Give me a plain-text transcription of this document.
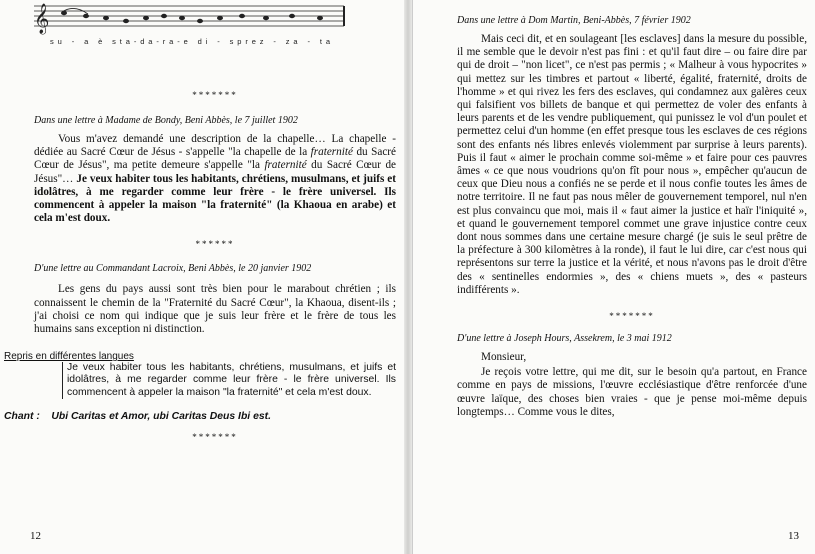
𝄞
su - a è sta-da-ra-e di - sprez - za - ta

*******

Dans une lettre à Madame de Bondy, Beni Abbès, le 7 juillet 1902

Vous m'avez demandé une description de la chapelle… La chapelle - dédiée au Sacré Cœur de Jésus - s'appelle "la chapelle de la fraternité du Sacré Cœur de Jésus", ma petite demeure s'appelle "la fraternité du Sacré Cœur de Jésus"… Je veux habiter tous les habitants, chrétiens, musulmans, et juifs et idolâtres, à me regarder comme leur frère - le frère universel. Ils commencent à appeler la maison "la fraternité" (la Khaoua en arabe) et cela m'est doux.

******

D'une lettre au Commandant Lacroix, Beni Abbès, le 20 janvier 1902

Les gens du pays aussi sont très bien pour le marabout chrétien ; ils connaissent le chemin de la "Fraternité du Sacré Cœur", la Khaoua, disent-ils ; j'ai choisi ce nom qui indique que je suis leur frère et le frère de tous les humains sans exception ni distinction.

Repris en différentes langues

Je veux habiter tous les habitants, chrétiens, musulmans, et juifs et idolâtres, à me regarder comme leur frère - le frère universel. Ils commencent à appeler la maison "la fraternité" et cela m'est doux.

Chant : Ubi Caritas et Amor, ubi Caritas Deus Ibi est.

*******

12

Dans une lettre à Dom Martin, Beni-Abbès, 7 février 1902

Mais ceci dit, et en soulageant [les esclaves] dans la mesure du possible, il me semble que le devoir n'est pas fini : et qu'il faut dire – ou faire dire par qui de droit – "non licet", ce n'est pas permis ; « Malheur à vous hypocrites » qui mettez sur les timbres et partout « liberté, égalité, fraternité, droits de l'homme » et qui rivez les fers des esclaves, qui condamnez aux galères ceux qui falsifient vos billets de banque et qui permettez de voler des enfants à leurs parents et de les vendre publiquement, qui punissez le vol d'un poulet et permettez celui d'un homme (en effet presque tous les esclaves de ces régions sont des enfants nés libres enlevés violemment par surprise à leurs parents). Puis il faut « aimer le prochain comme soi-même » et faire pour ces pauvres âmes « ce que nous voudrions qu'on fît pour nous », empêcher qu'aucun de ceux que Dieu nous a confiés ne se perde et il nous confie toutes les âmes de notre territoire. Il ne faut pas nous mêler de gouvernement temporel, nul n'en est plus convaincu que moi, mais il « faut aimer la justice et haïr l'iniquité », et quand le gouvernement temporel commet une grave injustice contre ceux dont nous sommes dans une certaine mesure chargé (je suis le seul prêtre de la préfecture à 300 kilomètres à la ronde), il faut le lui dire, car c'est nous qui représentons sur terre la justice et la vérité, et nous n'avons pas le droit d'être des « sentinelles endormies », des « chiens muets », des « pasteurs indifférents ».

*******

D'une lettre à Joseph Hours, Assekrem, le 3 mai 1912

Monsieur,

Je reçois votre lettre, qui me dit, sur le besoin qu'a partout, en France comme en pays de missions, l'œuvre ecclésiastique d'être renforcée d'une œuvre laïque, des choses bien vraies - que je pense moi-même depuis longtemps… Comme vous le dites,

13
